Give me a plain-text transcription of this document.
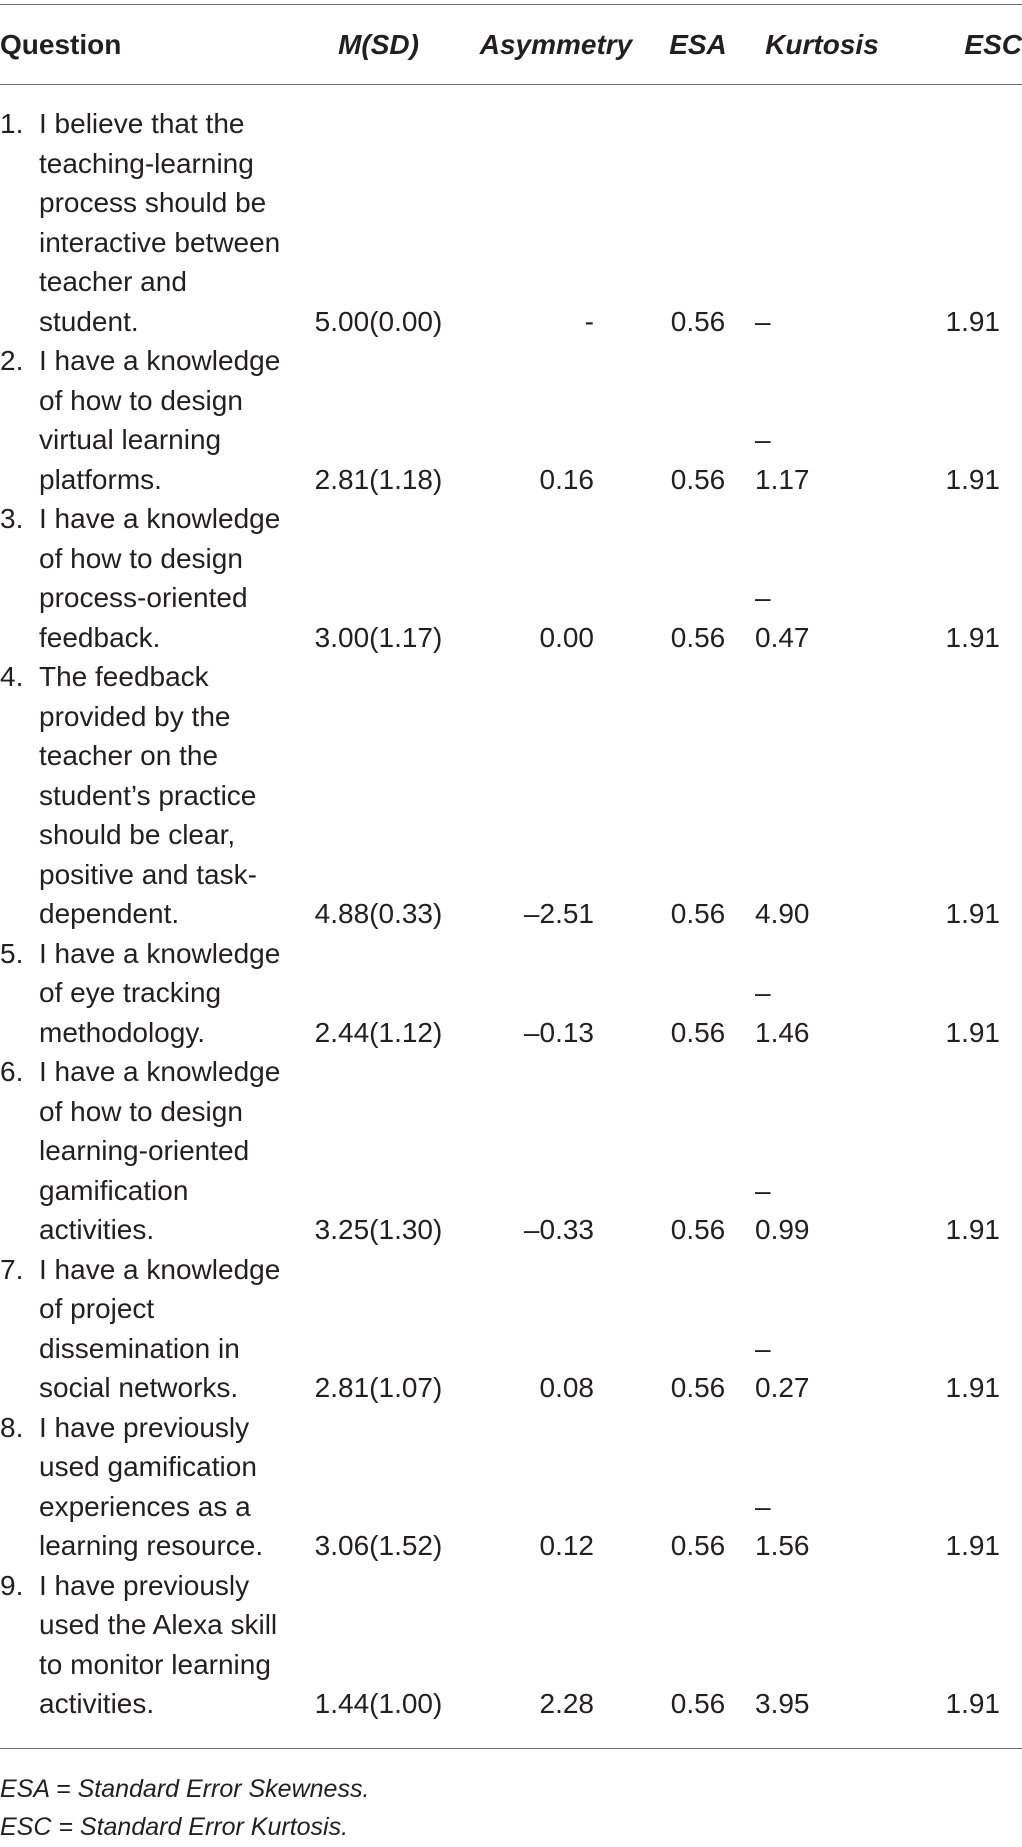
Question	M(SD)	Asymmetry	ESA	Kurtosis	ESC

1. I believe that the teaching-learning process should be interactive between teacher and student.	5.00(0.00)	-	0.56	–	1.91

2. I have a knowledge of how to design virtual learning platforms.	2.81(1.18)	0.16	0.56	–1.17	1.91

3. I have a knowledge of how to design process-oriented feedback.	3.00(1.17)	0.00	0.56	–0.47	1.91

4. The feedback provided by the teacher on the student’s practice should be clear, positive and task-dependent.	4.88(0.33)	–2.51	0.56	4.90	1.91

5. I have a knowledge of eye tracking methodology.	2.44(1.12)	–0.13	0.56	–1.46	1.91

6. I have a knowledge of how to design learning-oriented gamification activities.	3.25(1.30)	–0.33	0.56	–0.99	1.91

7. I have a knowledge of project dissemination in social networks.	2.81(1.07)	0.08	0.56	–0.27	1.91

8. I have previously used gamification experiences as a learning resource.	3.06(1.52)	0.12	0.56	–1.56	1.91

9. I have previously used the Alexa skill to monitor learning activities.	1.44(1.00)	2.28	0.56	3.95	1.91
ESA = Standard Error Skewness.
ESC = Standard Error Kurtosis.
